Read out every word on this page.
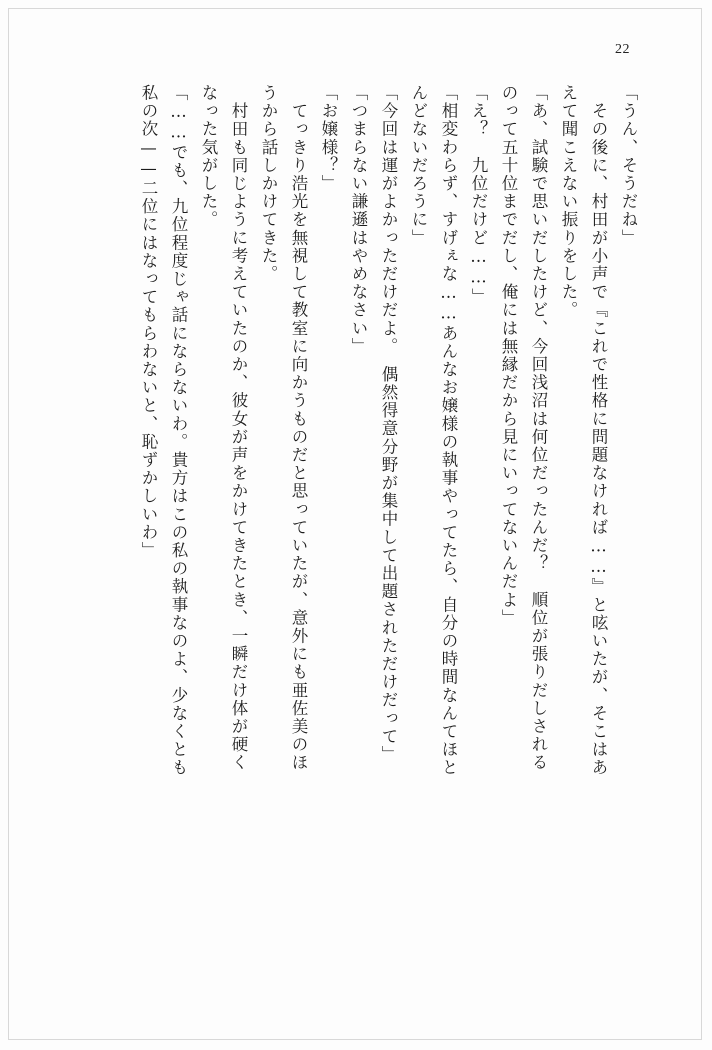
22
「うん、そうだね」
　その後に、村田が小声で『これで性格に問題なければ……』と呟いたが、そこはあ
えて聞こえない振りをした。
「あ、試験で思いだしたけど、今回浅沼は何位だったんだ？　順位が張りだしされる
のって五十位までだし、俺には無縁だから見にいってないんだよ」
「え？　九位だけど……」
「相変わらず、すげぇな……あんなお嬢様の執事やってたら、自分の時間なんてほと
んどないだろうに」
「今回は運がよかっただけだよ。　偶然得意分野が集中して出題されただけだって」
「つまらない謙遜はやめなさい」
「お嬢様？」
　てっきり浩光を無視して教室に向かうものだと思っていたが、意外にも亜佐美のほ
うから話しかけてきた。
　村田も同じように考えていたのか、彼女が声をかけてきたとき、一瞬だけ体が硬く
なった気がした。
「……でも、九位程度じゃ話にならないわ。貴方はこの私の執事なのよ、少なくとも
私の次——二位にはなってもらわないと、恥ずかしいわ」
